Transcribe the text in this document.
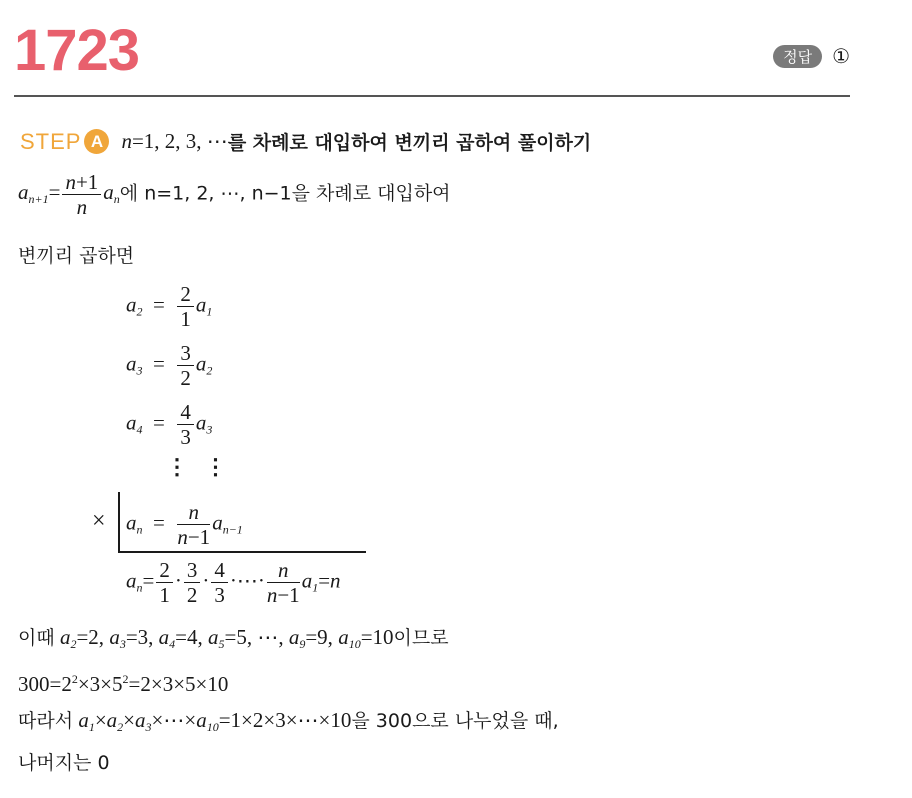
1723	정답	①
STEP A n=1, 2, 3, ⋯ 를 차례로 대입하여 변끼리 곱하여 풀이하기
$a_{n+1}= \frac{n+1}{n} a_n$에 n=1, 2, ⋯, n−1을 차례로 대입하여
변끼리 곱하면
$a_2 = \frac{2}{1} a_1$
$a_3 = \frac{3}{2} a_2$
$a_4 = \frac{4}{3} a_3$
⋮   ⋮
× $a_n = \frac{n}{n-1} a_{n-1}$
$a_n= \frac{2}{1} \cdot \frac{3}{2} \cdot \frac{4}{3}$ ·⋯· $\frac{n}{n-1} a_1=n$
이때 $a_2=2$, $a_3=3$, $a_4=4$, $a_5=5$, ⋯, $a_9=9$, $a_{10}=10$이므로
$300=2^2\times 3\times 5^2=2\times 3\times 5\times 10$
따라서 $a_1\times a_2\times a_3\times\cdots\times a_{10}=1\times 2\times 3\times\cdots\times 10$을 300으로 나누었을 때,
나머지는 0
